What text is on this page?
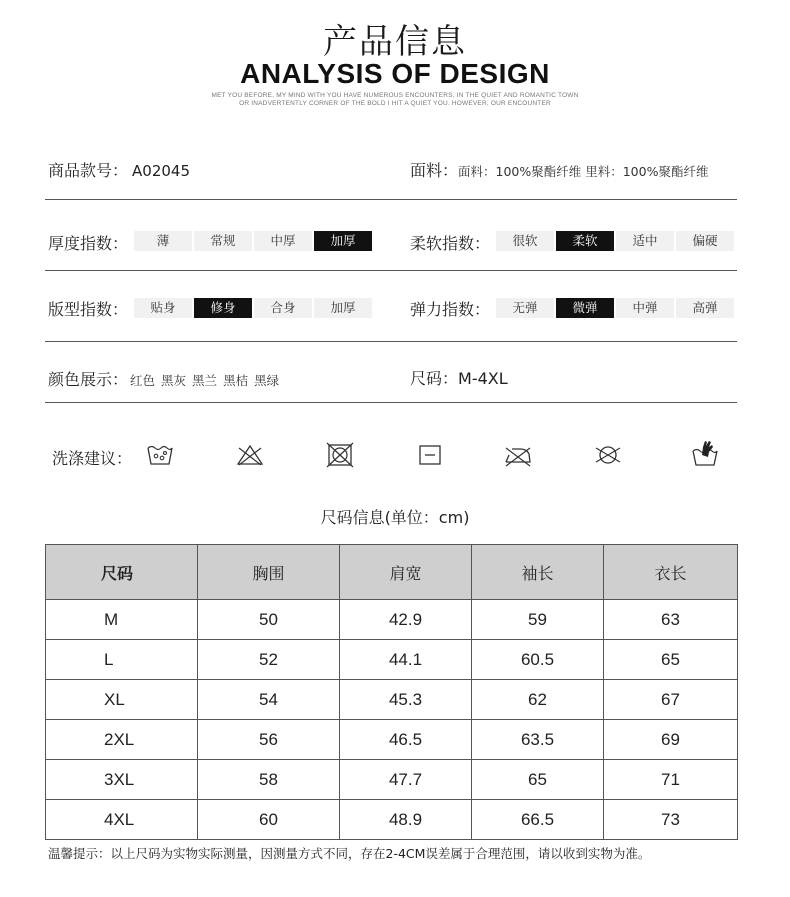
产品信息
ANALYSIS OF DESIGN
MET YOU BEFORE, MY MIND WITH YOU HAVE NUMEROUS ENCOUNTERS, IN THE QUIET AND ROMANTIC TOWN
OR INADVERTENTLY CORNER OF THE BOLD I HIT A QUIET YOU. HOWEVER, OUR ENCOUNTER
商品款号： A02045	面料：面料：100%聚酯纤维 里料：100%聚酯纤维
厚度指数：	薄	常规	中厚	加厚	柔软指数：	很软	柔软	适中	偏硬
版型指数：	贴身	修身	合身	加厚	弹力指数：	无弹	微弹	中弹	高弹
颜色展示： 红色 黑灰 黑兰 黑桔 黑绿	尺码：M-4XL
洗涤建议：
尺码信息(单位：cm)
尺码	胸围	肩宽	袖长	衣长
M	50	42.9	59	63
L	52	44.1	60.5	65
XL	54	45.3	62	67
2XL	56	46.5	63.5	69
3XL	58	47.7	65	71
4XL	60	48.9	66.5	73
温馨提示：以上尺码为实物实际测量，因测量方式不同，存在2-4CM误差属于合理范围，请以收到实物为准。
